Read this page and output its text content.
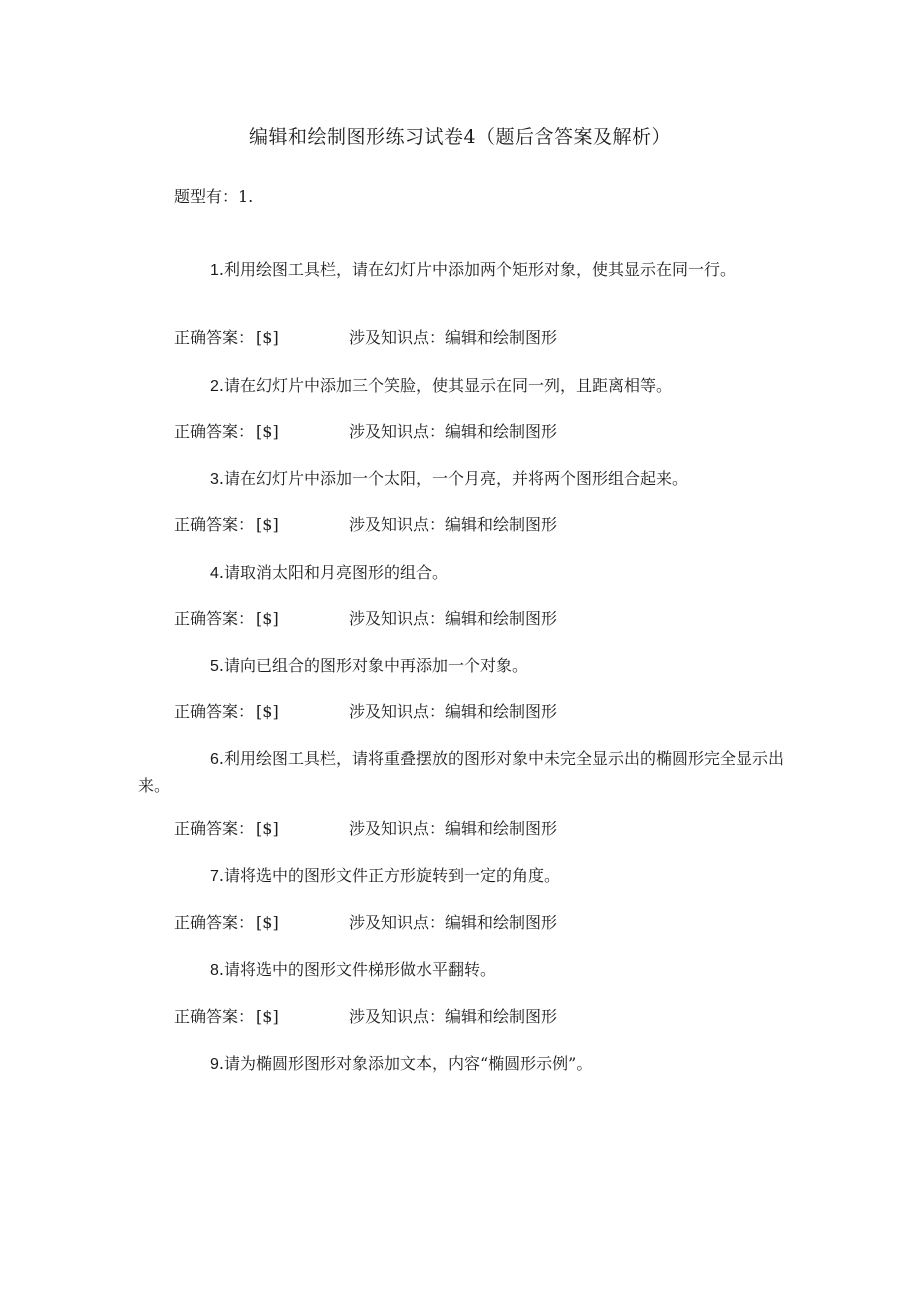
编辑和绘制图形练习试卷4（题后含答案及解析）
题型有：1.
1.利用绘图工具栏，请在幻灯片中添加两个矩形对象，使其显示在同一行。
正确答案： [$]	涉及知识点：编辑和绘制图形
2.请在幻灯片中添加三个笑脸，使其显示在同一列，且距离相等。
正确答案： [$]	涉及知识点：编辑和绘制图形
3.请在幻灯片中添加一个太阳，一个月亮，并将两个图形组合起来。
正确答案： [$]	涉及知识点：编辑和绘制图形
4.请取消太阳和月亮图形的组合。
正确答案： [$]	涉及知识点：编辑和绘制图形
5.请向已组合的图形对象中再添加一个对象。
正确答案： [$]	涉及知识点：编辑和绘制图形
6.利用绘图工具栏，请将重叠摆放的图形对象中未完全显示出的椭圆形完全显示出来。
正确答案： [$]	涉及知识点：编辑和绘制图形
7.请将选中的图形文件正方形旋转到一定的角度。
正确答案： [$]	涉及知识点：编辑和绘制图形
8.请将选中的图形文件梯形做水平翻转。
正确答案： [$]	涉及知识点：编辑和绘制图形
9.请为椭圆形图形对象添加文本，内容“椭圆形示例”。
